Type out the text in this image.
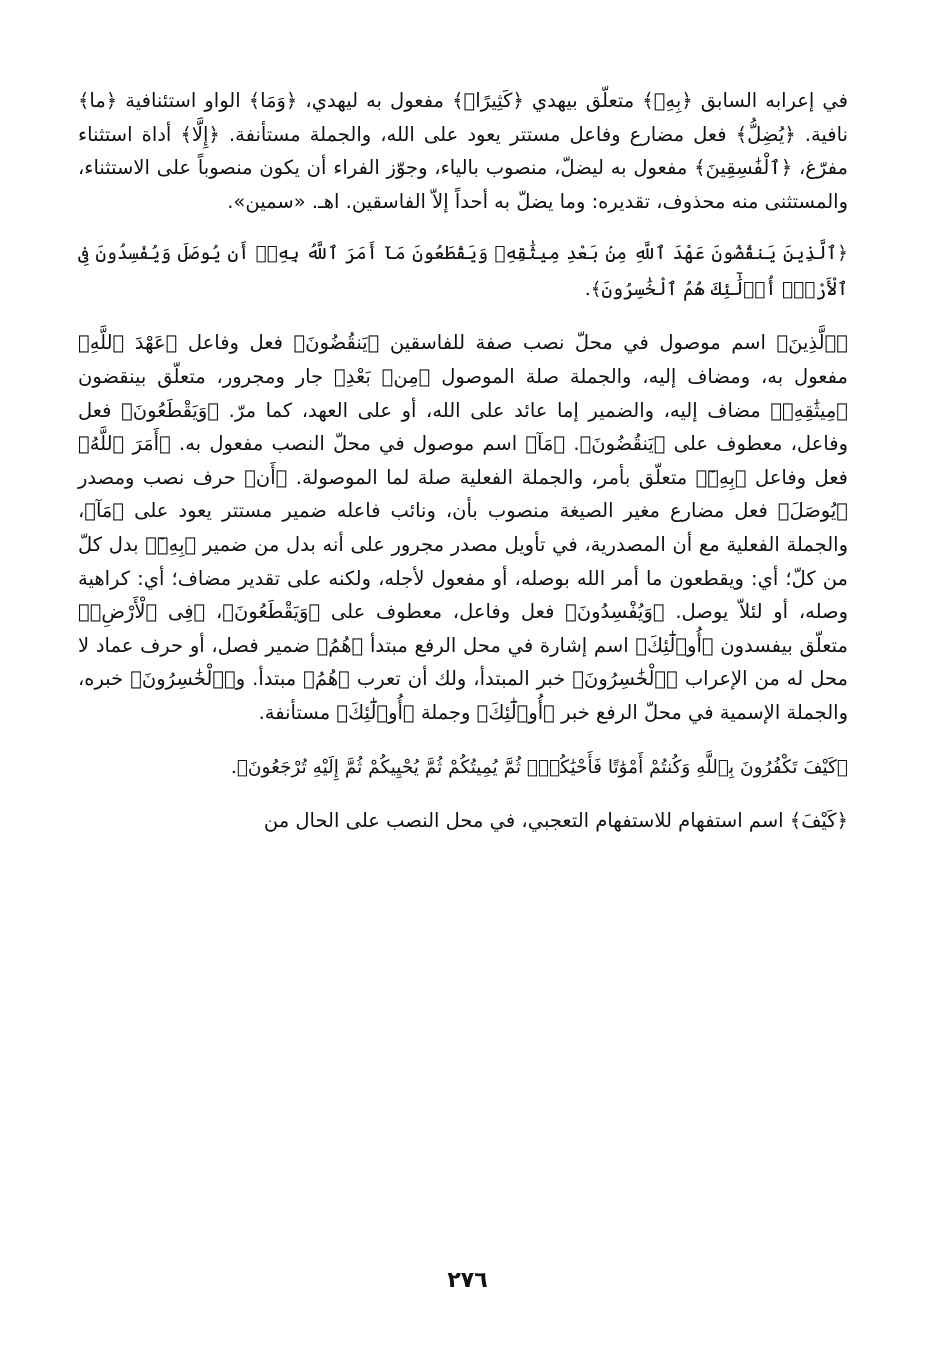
في إعرابه السابق ﴿بِهِۦ﴾ متعلّق بيهدي ﴿كَثِيرًاۚ﴾ مفعول به ليهدي، ﴿وَمَا﴾ الواو استئنافية ﴿ما﴾ نافية. ﴿يُضِلُّ﴾ فعل مضارع وفاعل مستتر يعود على الله، والجملة مستأنفة. ﴿إِلَّا﴾ أداة استثناء مفرّغ، ﴿ٱلْفَٰسِقِينَ﴾ مفعول به ليضلّ، منصوب بالياء، وجوّز الفراء أن يكون منصوباً على الاستثناء، والمستثنى منه محذوف، تقديره: وما يضلّ به أحداً إلاّ الفاسقين. اهـ. «سمين».

﴿ٱلَّذِينَ يَنقُضُونَ عَهْدَ ٱللَّهِ مِنۢ بَعْدِ مِيثَٰقِهِۦ وَيَقْطَعُونَ مَآ أَمَرَ ٱللَّهُ بِهِۦٓ أَن يُوصَلَ وَيُفْسِدُونَ فِى ٱلْأَرْضِۚ أُو۟لَٰٓئِكَ هُمُ ٱلْخَٰسِرُونَ﴾.

﴿ٱلَّذِينَ﴾ اسم موصول في محلّ نصب صفة للفاسقين ﴿يَنقُضُونَ﴾ فعل وفاعل ﴿عَهْدَ ٱللَّهِ﴾ مفعول به، ومضاف إليه، والجملة صلة الموصول ﴿مِنۢ بَعْدِ﴾ جار ومجرور، متعلّق بينقضون ﴿مِيثَٰقِهِۦ﴾ مضاف إليه، والضمير إما عائد على الله، أو على العهد، كما مرّ. ﴿وَيَقْطَعُونَ﴾ فعل وفاعل، معطوف على ﴿يَنقُضُونَ﴾. ﴿مَآ﴾ اسم موصول في محلّ النصب مفعول به. ﴿أَمَرَ ٱللَّهُ﴾ فعل وفاعل ﴿بِهِۦٓ﴾ متعلّق بأمر، والجملة الفعلية صلة لما الموصولة. ﴿أَن﴾ حرف نصب ومصدر ﴿يُوصَلَ﴾ فعل مضارع مغير الصيغة منصوب بأن، ونائب فاعله ضمير مستتر يعود على ﴿مَآ﴾، والجملة الفعلية مع أن المصدرية، في تأويل مصدر مجرور على أنه بدل من ضمير ﴿بِهِۦٓ﴾ بدل كلّ من كلّ؛ أي: ويقطعون ما أمر الله بوصله، أو مفعول لأجله، ولكنه على تقدير مضاف؛ أي: كراهية وصله، أو لئلاّ يوصل. ﴿وَيُفْسِدُونَ﴾ فعل وفاعل، معطوف على ﴿وَيَقْطَعُونَ﴾، ﴿فِى ٱلْأَرْضِۚ﴾ متعلّق بيفسدون ﴿أُو۟لَٰٓئِكَ﴾ اسم إشارة في محل الرفع مبتدأ ﴿هُمُ﴾ ضمير فصل، أو حرف عماد لا محل له من الإعراب ﴿ٱلْخَٰسِرُونَ﴾ خبر المبتدأ، ولك أن تعرب ﴿هُمُ﴾ مبتدأ. و﴿ٱلْخَٰسِرُونَ﴾ خبره، والجملة الإسمية في محلّ الرفع خبر ﴿أُو۟لَٰٓئِكَ﴾ وجملة ﴿أُو۟لَٰٓئِكَ﴾ مستأنفة.

﴿كَيْفَ تَكْفُرُونَ بِٱللَّهِ وَكُنتُمْ أَمْوَٰتًا فَأَحْيَٰكُمْۖ ثُمَّ يُمِيتُكُمْ ثُمَّ يُحْيِيكُمْ ثُمَّ إِلَيْهِ تُرْجَعُونَ﴾.

﴿كَيْفَ﴾ اسم استفهام للاستفهام التعجبي، في محل النصب على الحال من

٢٧٦
